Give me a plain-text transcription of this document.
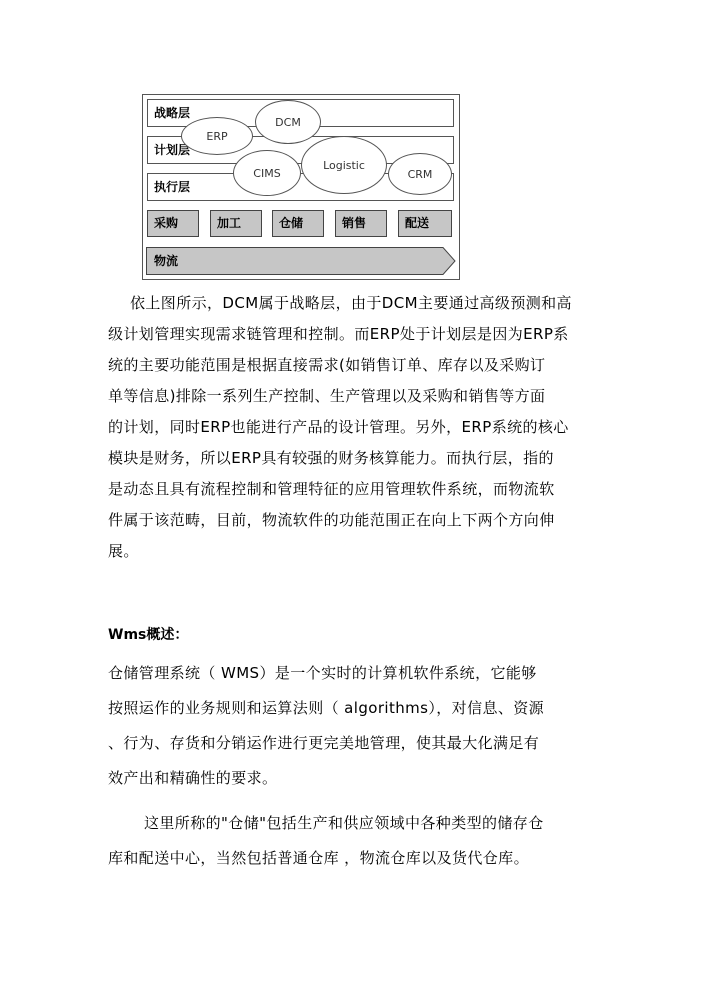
战略层
计划层
执行层
DCM
ERP
CIMS
Logistic
CRM
采购	加工	仓储	销售	配送
物流
依上图所示，DCM属于战略层，由于DCM主要通过高级预测和高
级计划管理实现需求链管理和控制。而ERP处于计划层是因为ERP系
统的主要功能范围是根据直接需求(如销售订单、库存以及采购订
单等信息)排除一系列生产控制、生产管理以及采购和销售等方面
的计划，同时ERP也能进行产品的设计管理。另外，ERP系统的核心
模块是财务，所以ERP具有较强的财务核算能力。而执行层，指的
是动态且具有流程控制和管理特征的应用管理软件系统，而物流软
件属于该范畴，目前，物流软件的功能范围正在向上下两个方向伸
展。
Wms概述：
仓储管理系统（ WMS）是一个实时的计算机软件系统，它能够
按照运作的业务规则和运算法则（ algorithms），对信息、资源
、行为、存货和分销运作进行更完美地管理，使其最大化满足有
效产出和精确性的要求。
这里所称的"仓储"包括生产和供应领域中各种类型的储存仓
库和配送中心，当然包括普通仓库 ，物流仓库以及货代仓库。
